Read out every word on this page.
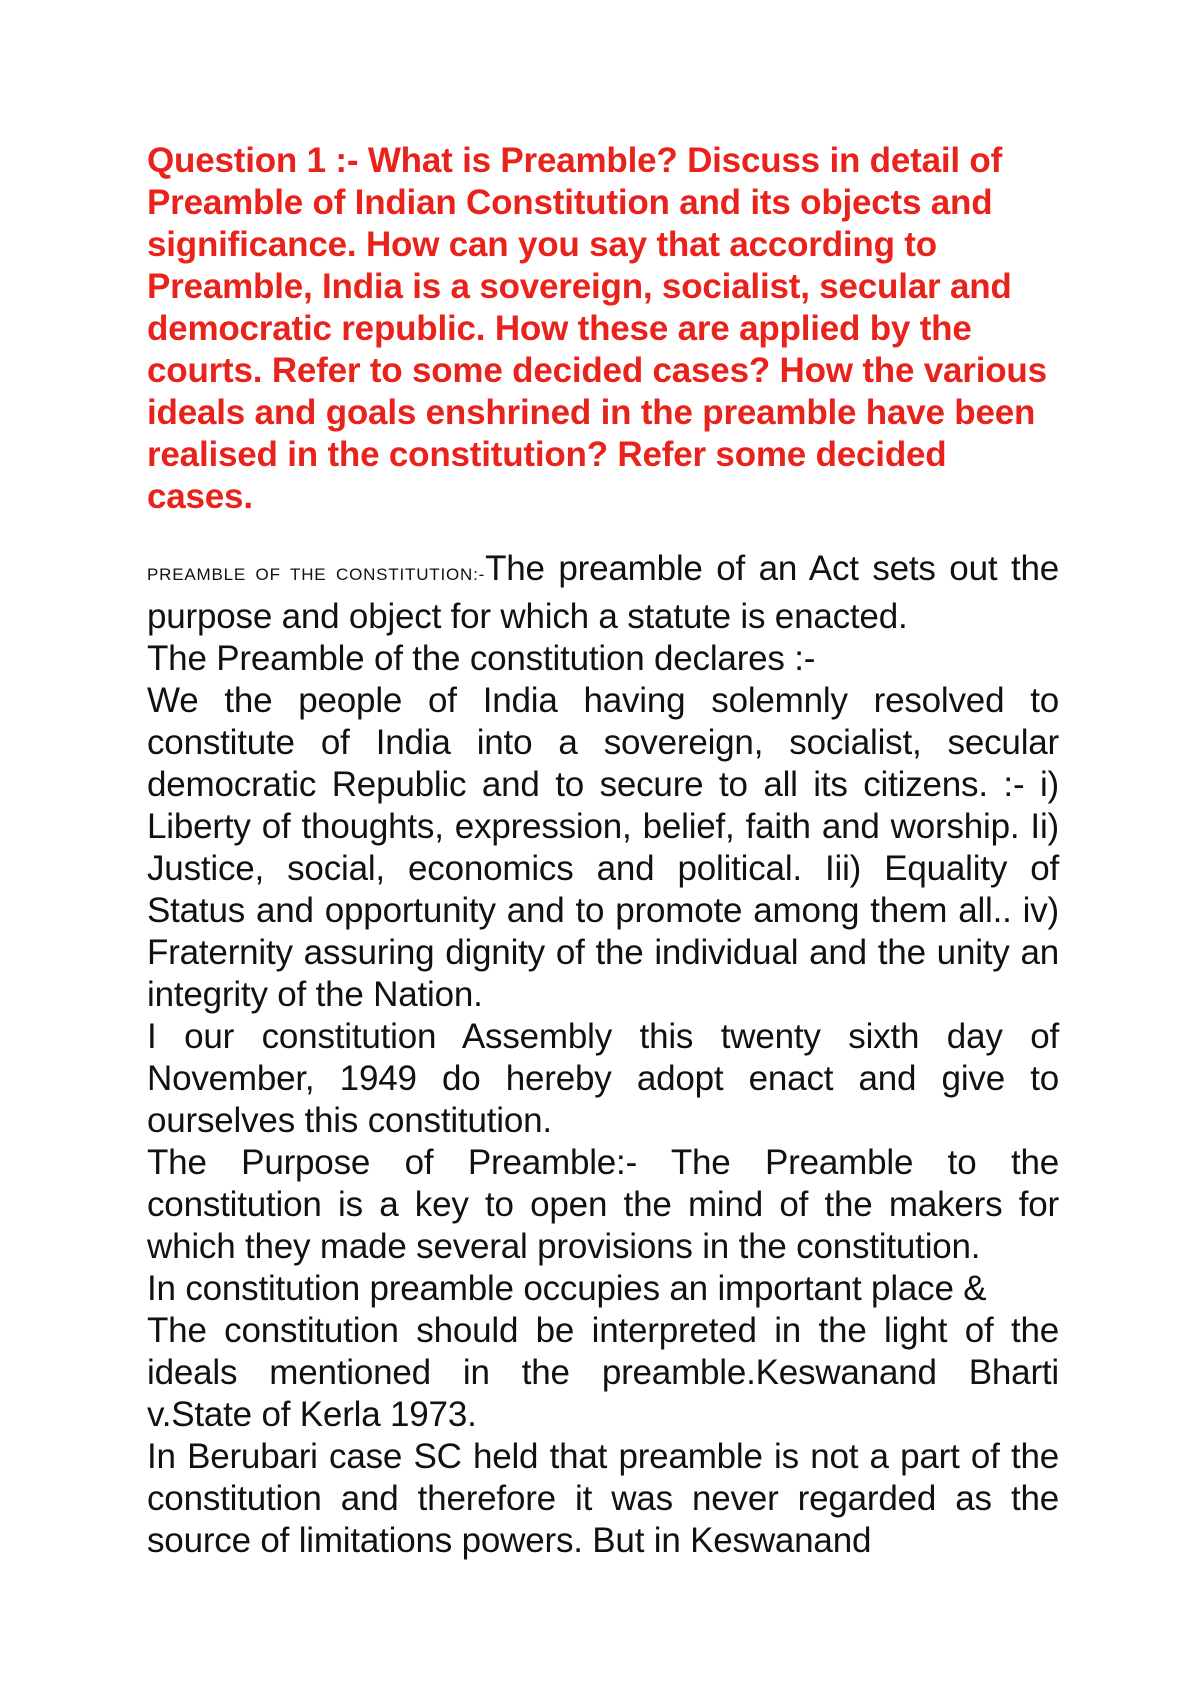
Question 1 :- What is Preamble? Discuss in detail of Preamble of Indian Constitution and its objects and significance. How can you say that according to Preamble, India is a sovereign, socialist, secular and democratic republic. How these are applied by the courts. Refer to some decided cases? How the various ideals and goals enshrined in the preamble have been realised in the constitution? Refer some decided cases.

PREAMBLE OF THE CONSTITUTION:-The preamble of an Act sets out the purpose and object for which a statute is enacted.

The Preamble of the constitution declares :-

We the people of India having solemnly resolved to constitute of India into a sovereign, socialist, secular democratic Republic and to secure to all its citizens. :- i) Liberty of thoughts, expression, belief, faith and worship. Ii) Justice, social, economics and political. Iii) Equality of Status and opportunity and to promote among them all.. iv) Fraternity assuring dignity of the individual and the unity an integrity of the Nation.

I our constitution Assembly this twenty sixth day of November, 1949 do hereby adopt enact and give to ourselves this constitution.

The Purpose of Preamble:- The Preamble to the constitution is a key to open the mind of the makers for which they made several provisions in the constitution.

In constitution preamble occupies an important place &

The constitution should be interpreted in the light of the ideals mentioned in the preamble.Keswanand Bharti v.State of Kerla 1973.

In Berubari case SC held that preamble is not a part of the constitution and therefore it was never regarded as the source of limitations powers. But in Keswanand
